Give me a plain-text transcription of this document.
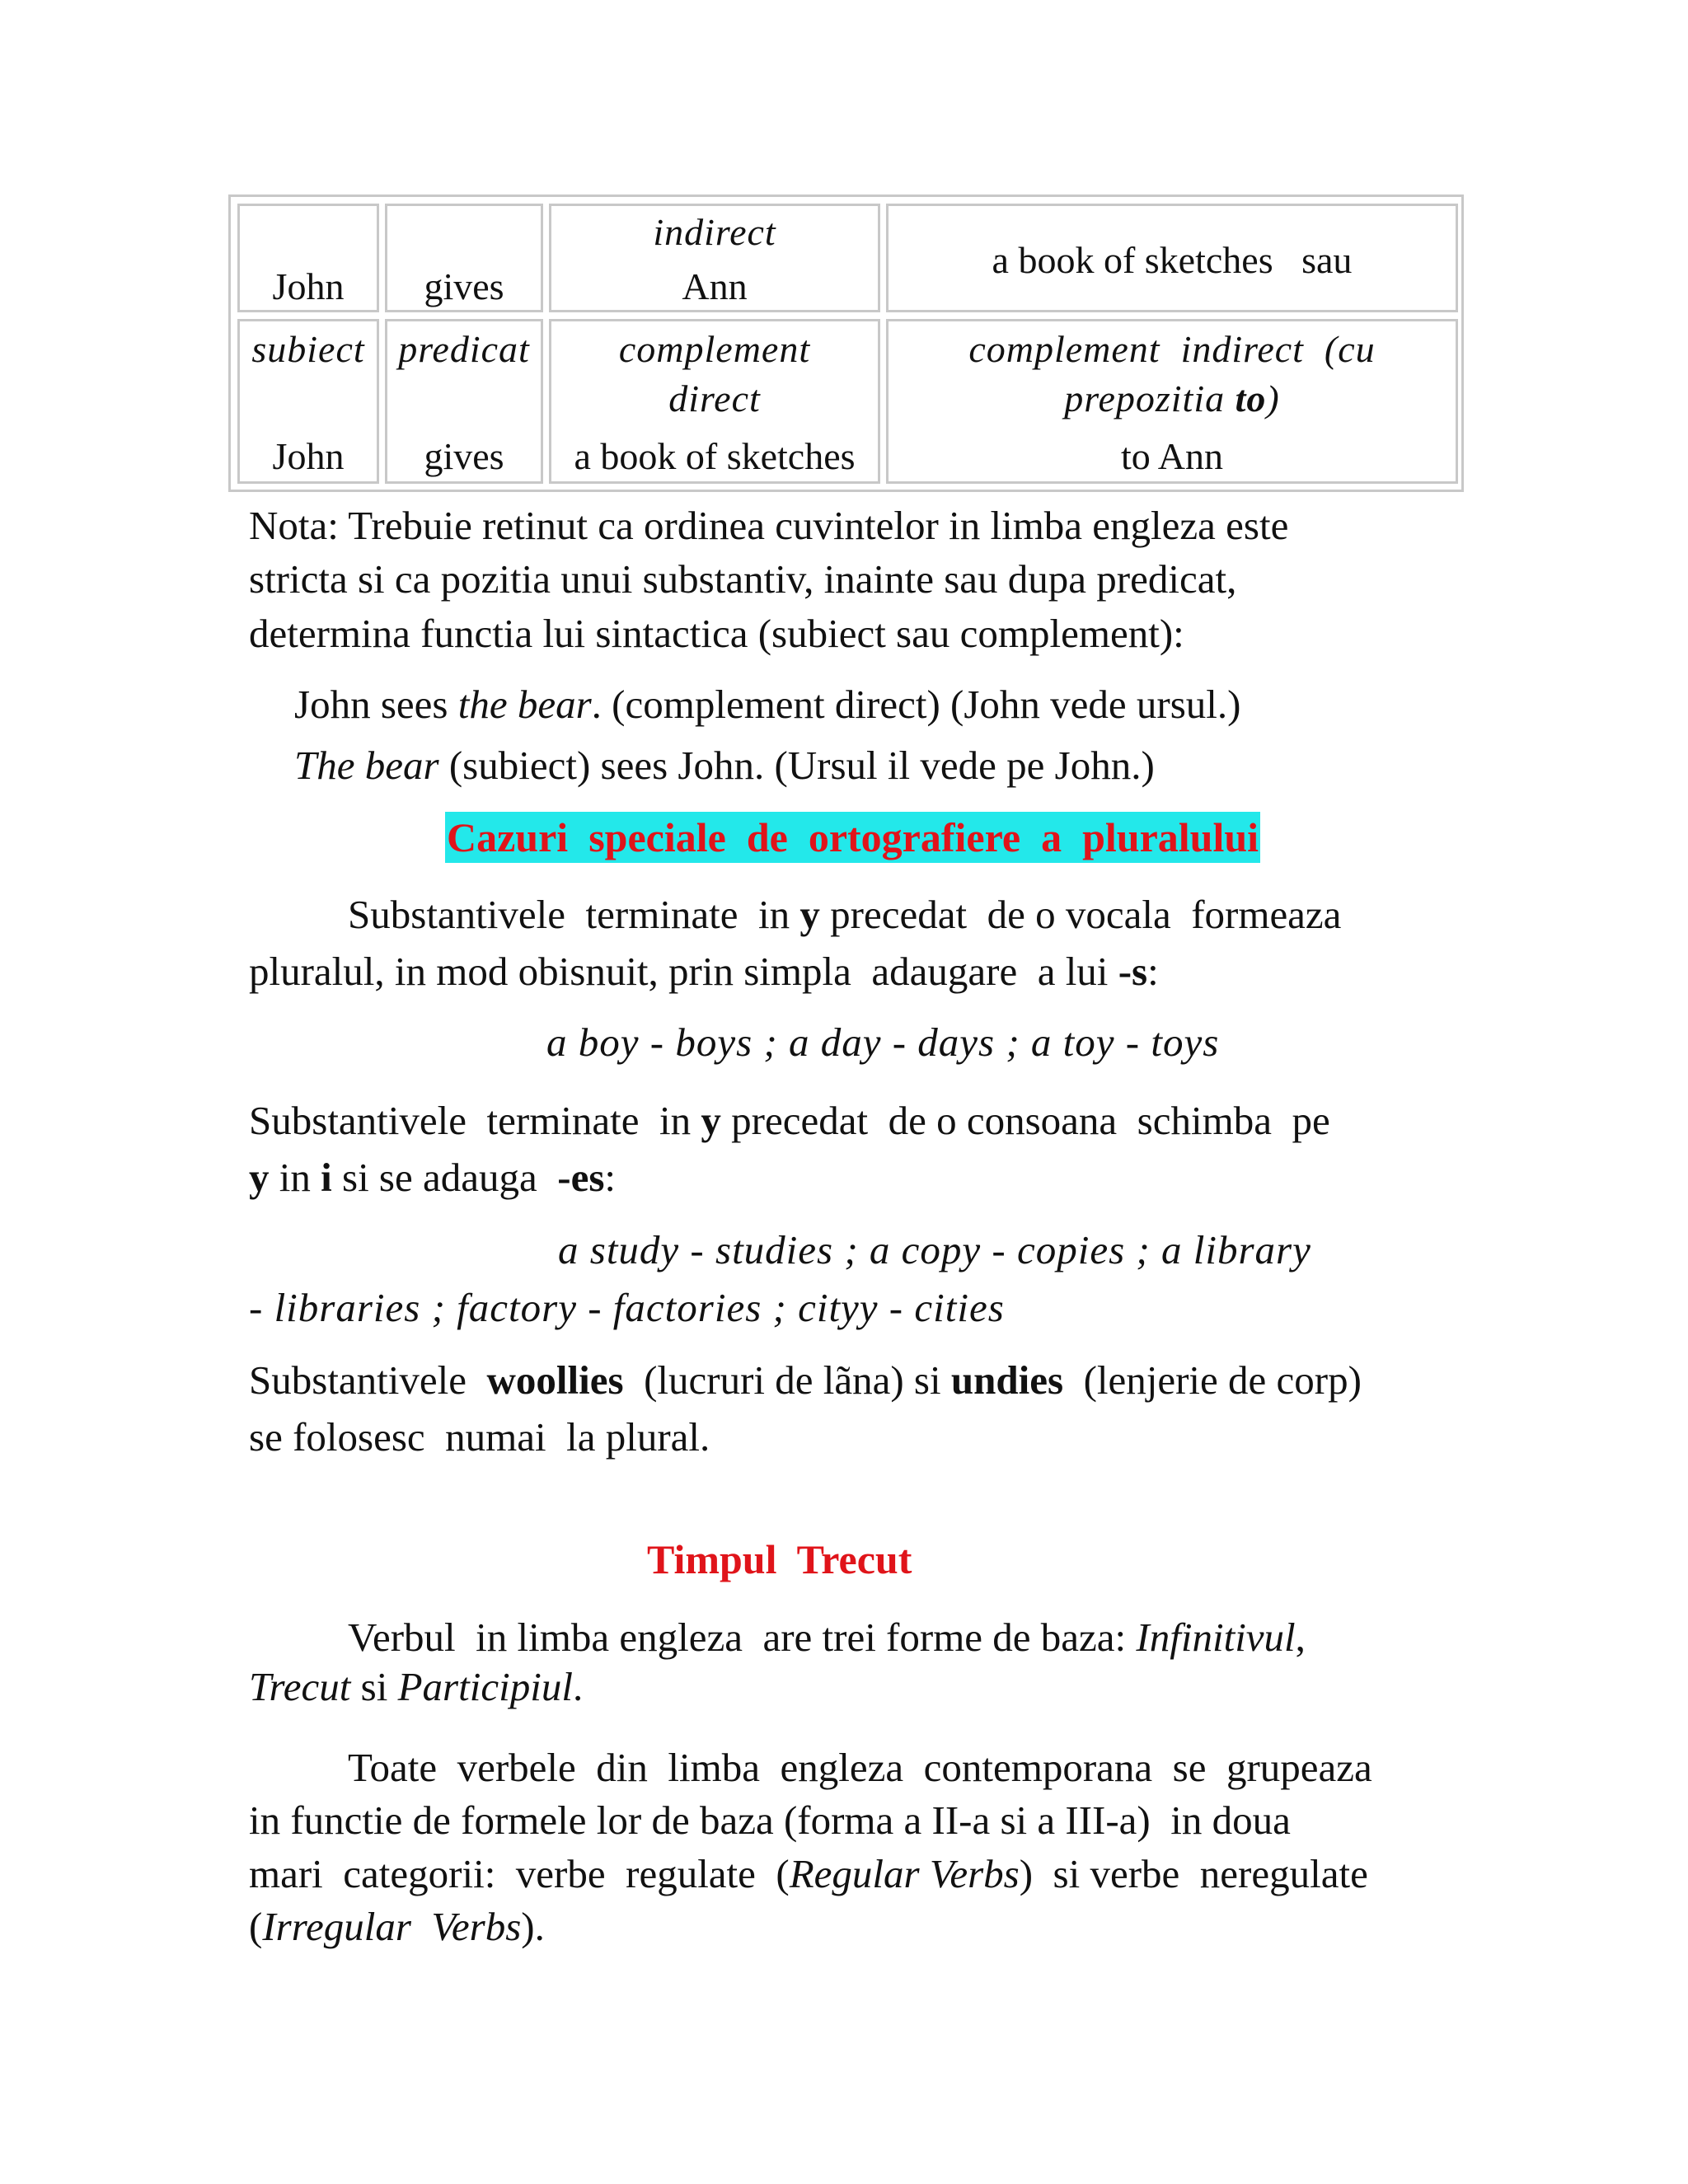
John	gives
indirect
Ann
a book of sketches   sau
subiect
John
predicat
gives
complement
direct
a book of sketches
complement  indirect  (cu
prepozitia to)
to Ann
Nota: Trebuie retinut ca ordinea cuvintelor in limba engleza este
stricta si ca pozitia unui substantiv, inainte sau dupa predicat,
determina functia lui sintactica (subiect sau complement):
John sees the bear. (complement direct) (John vede ursul.)
The bear (subiect) sees John. (Ursul il vede pe John.)
Cazuri  speciale  de  ortografiere  a  pluralului
Substantivele  terminate  in y precedat  de o vocala  formeaza
pluralul, in mod obisnuit, prin simpla  adaugare  a lui -s:
a boy - boys ; a day - days ; a toy - toys
Substantivele  terminate  in y precedat  de o consoana  schimba  pe
y in i si se adauga  -es:
a study - studies ; a copy - copies ; a library
- libraries ; factory - factories ; cityy - cities
Substantivele  woollies  (lucruri de lãna) si undies  (lenjerie de corp)
se folosesc  numai  la plural.
Timpul  Trecut
Verbul  in limba engleza  are trei forme de baza: Infinitivul,
Trecut si Participiul.
Toate  verbele  din  limba  engleza  contemporana  se  grupeaza
in functie de formele lor de baza (forma a II-a si a III-a)  in doua
mari  categorii:  verbe  regulate  (Regular Verbs)  si verbe  neregulate
(Irregular  Verbs).
